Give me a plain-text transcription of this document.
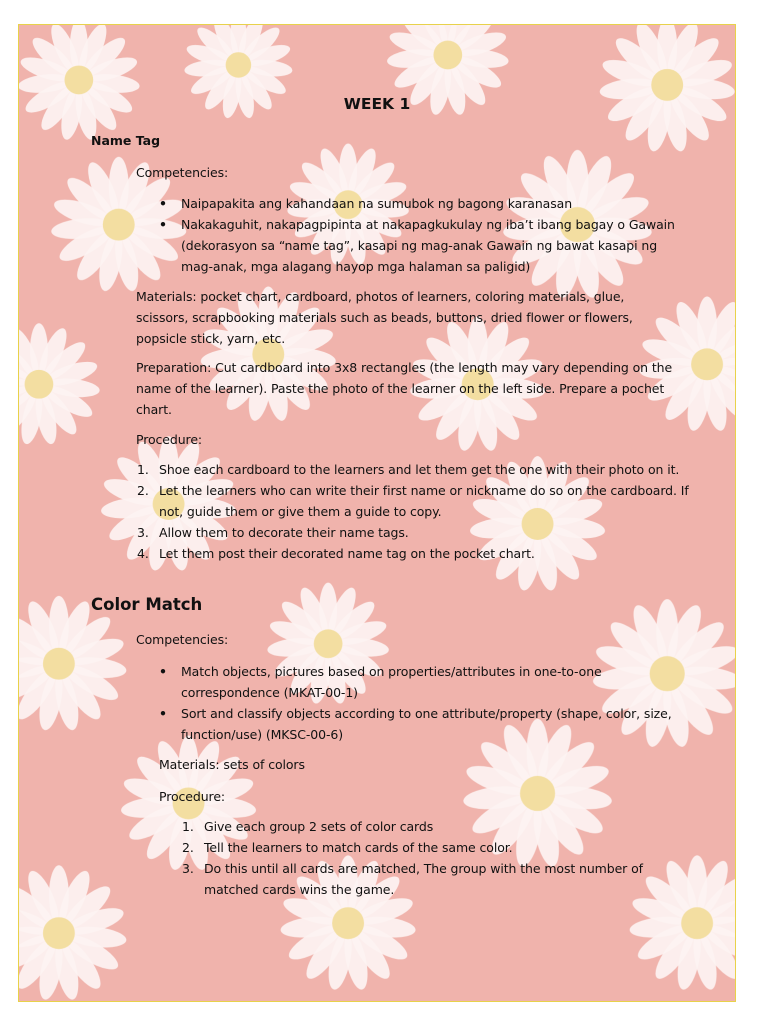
WEEK 1
Name Tag
Competencies:
• Naipapakita ang kahandaan na sumubok ng bagong karanasan
• Nakakaguhit, nakapagpipinta at nakapagkukulay ng iba’t ibang bagay o Gawain (dekorasyon sa “name tag”, kasapi ng mag-anak Gawain ng bawat kasapi ng mag-anak, mga alagang hayop mga halaman sa paligid)
Materials: pocket chart, cardboard, photos of learners, coloring materials, glue, scissors, scrapbooking materials such as beads, buttons, dried flower or flowers, popsicle stick, yarn, etc.
Preparation: Cut cardboard into 3x8 rectangles (the length may vary depending on the name of the learner). Paste the photo of the learner on the left side. Prepare a pochet chart.
Procedure:
1. Shoe each cardboard to the learners and let them get the one with their photo on it.
2. Let the learners who can write their first name or nickname do so on the cardboard. If not, guide them or give them a guide to copy.
3. Allow them to decorate their name tags.
4. Let them post their decorated name tag on the pocket chart.
Color Match
Competencies:
• Match objects, pictures based on properties/attributes in one-to-one correspondence (MKAT-00-1)
• Sort and classify objects according to one attribute/property (shape, color, size, function/use) (MKSC-00-6)
Materials: sets of colors
Procedure:
1. Give each group 2 sets of color cards
2. Tell the learners to match cards of the same color.
3. Do this until all cards are matched, The group with the most number of matched cards wins the game.
